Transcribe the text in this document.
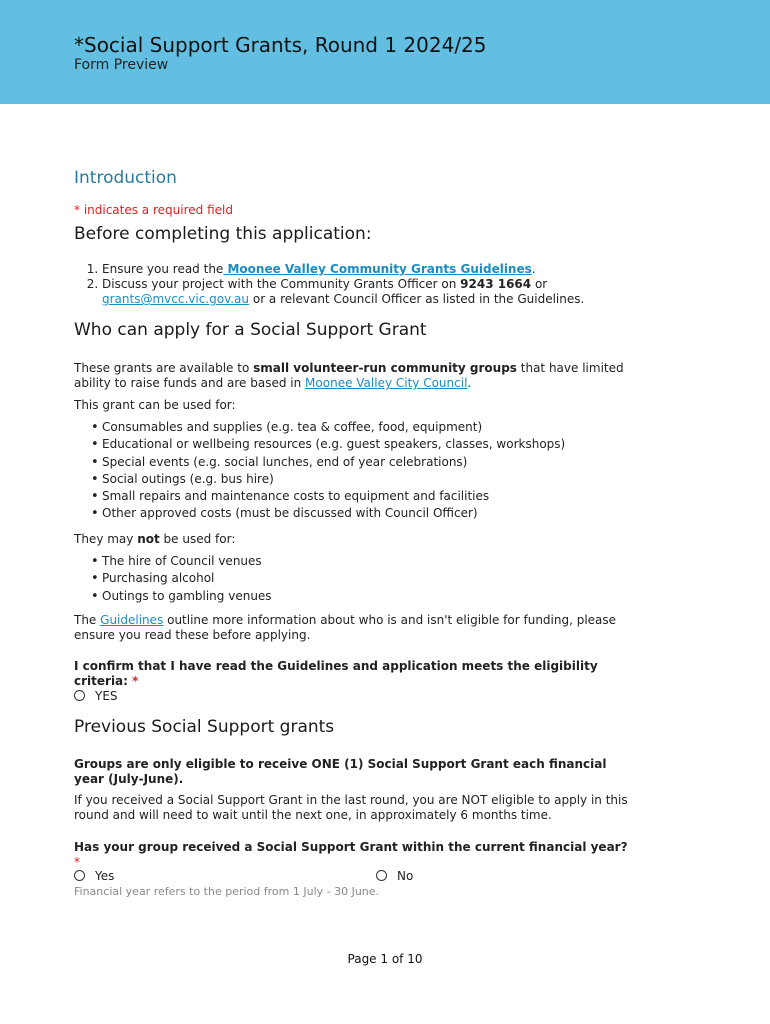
*Social Support Grants, Round 1 2024/25
Form Preview
Introduction
* indicates a required field
Before completing this application:
1. Ensure you read the Moonee Valley Community Grants Guidelines.
2. Discuss your project with the Community Grants Officer on 9243 1664 or
grants@mvcc.vic.gov.au or a relevant Council Officer as listed in the Guidelines.
Who can apply for a Social Support Grant
These grants are available to small volunteer-run community groups that have limited
ability to raise funds and are based in Moonee Valley City Council.
This grant can be used for:
• Consumables and supplies (e.g. tea & coffee, food, equipment)
• Educational or wellbeing resources (e.g. guest speakers, classes, workshops)
• Special events (e.g. social lunches, end of year celebrations)
• Social outings (e.g. bus hire)
• Small repairs and maintenance costs to equipment and facilities
• Other approved costs (must be discussed with Council Officer)
They may not be used for:
• The hire of Council venues
• Purchasing alcohol
• Outings to gambling venues
The Guidelines outline more information about who is and isn't eligible for funding, please
ensure you read these before applying.
I confirm that I have read the Guidelines and application meets the eligibility
criteria: *
YES
Previous Social Support grants
Groups are only eligible to receive ONE (1) Social Support Grant each financial
year (July-June).
If you received a Social Support Grant in the last round, you are NOT eligible to apply in this
round and will need to wait until the next one, in approximately 6 months time.
Has your group received a Social Support Grant within the current financial year?
*
Yes	No
Financial year refers to the period from 1 July - 30 June.
Page 1 of 10
